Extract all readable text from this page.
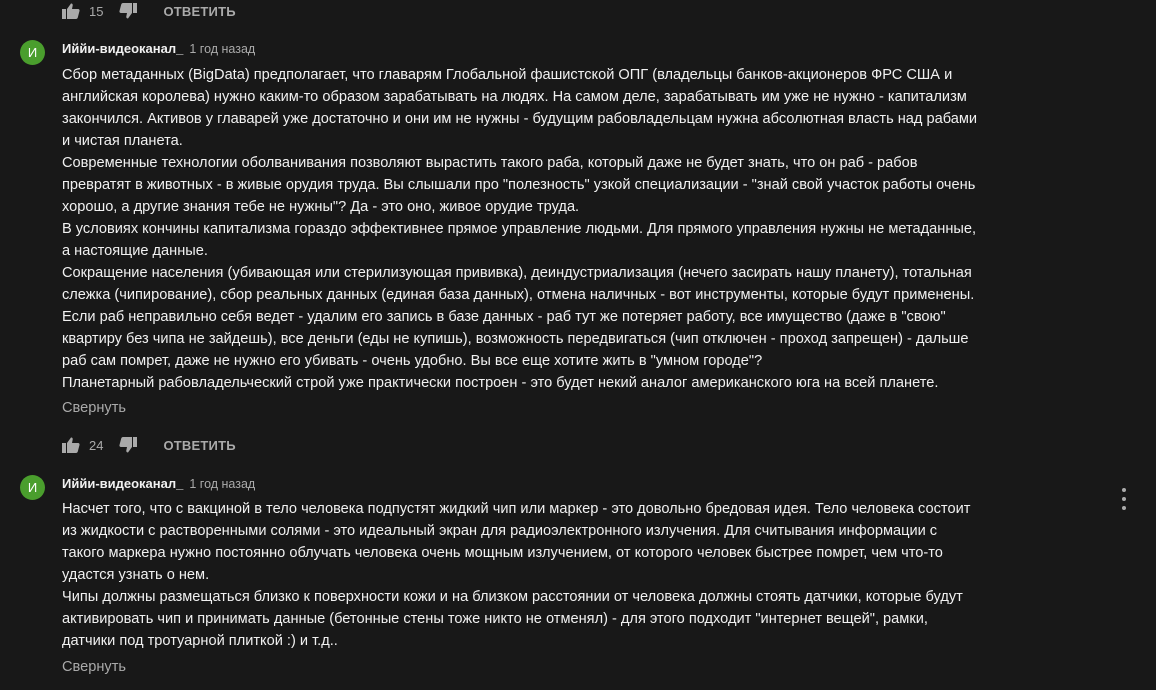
15	ОТВЕТИТЬ
И Иййи-видеоканал_ 1 год назад
Сбор метаданных (BigData) предполагает, что главарям Глобальной фашистской ОПГ (владельцы банков-акционеров ФРС США и
английская королева) нужно каким-то образом зарабатывать на людях. На самом деле, зарабатывать им уже не нужно - капитализм
закончился. Активов у главарей уже достаточно и они им не нужны - будущим рабовладельцам нужна абсолютная власть над рабами
и чистая планета.
Современные технологии оболванивания позволяют вырастить такого раба, который даже не будет знать, что он раб - рабов
превратят в животных - в живые орудия труда. Вы слышали про "полезность" узкой специализации - "знай свой участок работы очень
хорошо, а другие знания тебе не нужны"? Да - это оно, живое орудие труда.
В условиях кончины капитализма гораздо эффективнее прямое управление людьми. Для прямого управления нужны не метаданные,
а настоящие данные.
Сокращение населения (убивающая или стерилизующая прививка), деиндустриализация (нечего засирать нашу планету), тотальная
слежка (чипирование), сбор реальных данных (единая база данных), отмена наличных - вот инструменты, которые будут применены.
Если раб неправильно себя ведет - удалим его запись в базе данных - раб тут же потеряет работу, все имущество (даже в "свою"
квартиру без чипа не зайдешь), все деньги (еды не купишь), возможность передвигаться (чип отключен - проход запрещен) - дальше
раб сам помрет, даже не нужно его убивать - очень удобно. Вы все еще хотите жить в "умном городе"?
Планетарный рабовладельческий строй уже практически построен - это будет некий аналог американского юга на всей планете.
Свернуть
24	ОТВЕТИТЬ
И Иййи-видеоканал_ 1 год назад
Насчет того, что с вакциной в тело человека подпустят жидкий чип или маркер - это довольно бредовая идея. Тело человека состоит
из жидкости с растворенными солями - это идеальный экран для радиоэлектронного излучения. Для считывания информации с
такого маркера нужно постоянно облучать человека очень мощным излучением, от которого человек быстрее помрет, чем что-то
удастся узнать о нем.
Чипы должны размещаться близко к поверхности кожи и на близком расстоянии от человека должны стоять датчики, которые будут
активировать чип и принимать данные (бетонные стены тоже никто не отменял) - для этого подходит "интернет вещей", рамки,
датчики под тротуарной плиткой :) и т.д..
Свернуть
